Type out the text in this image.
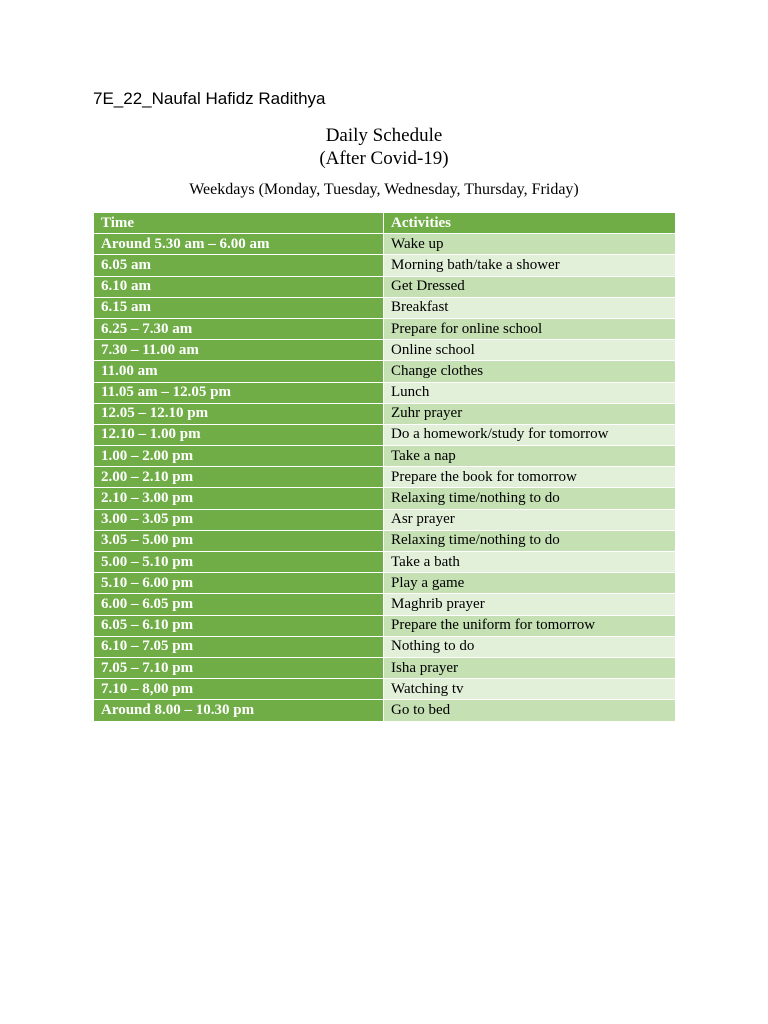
7E_22_Naufal Hafidz Radithya
Daily Schedule
(After Covid-19)
Weekdays (Monday, Tuesday, Wednesday, Thursday, Friday)
Time	Activities
Around 5.30 am – 6.00 am	Wake up
6.05 am	Morning bath/take a shower
6.10 am	Get Dressed
6.15 am	Breakfast
6.25 – 7.30 am	Prepare for online school
7.30 – 11.00 am	Online school
11.00 am	Change clothes
11.05 am – 12.05 pm	Lunch
12.05 – 12.10 pm	Zuhr prayer
12.10 – 1.00 pm	Do a homework/study for tomorrow
1.00 – 2.00 pm	Take a nap
2.00 – 2.10 pm	Prepare the book for tomorrow
2.10 – 3.00 pm	Relaxing time/nothing to do
3.00 – 3.05 pm	Asr prayer
3.05 – 5.00 pm	Relaxing time/nothing to do
5.00 – 5.10 pm	Take a bath
5.10 – 6.00 pm	Play a game
6.00 – 6.05 pm	Maghrib prayer
6.05 – 6.10 pm	Prepare the uniform for tomorrow
6.10 – 7.05 pm	Nothing to do
7.05 – 7.10 pm	Isha prayer
7.10 – 8,00 pm	Watching tv
Around 8.00 – 10.30 pm	Go to bed
